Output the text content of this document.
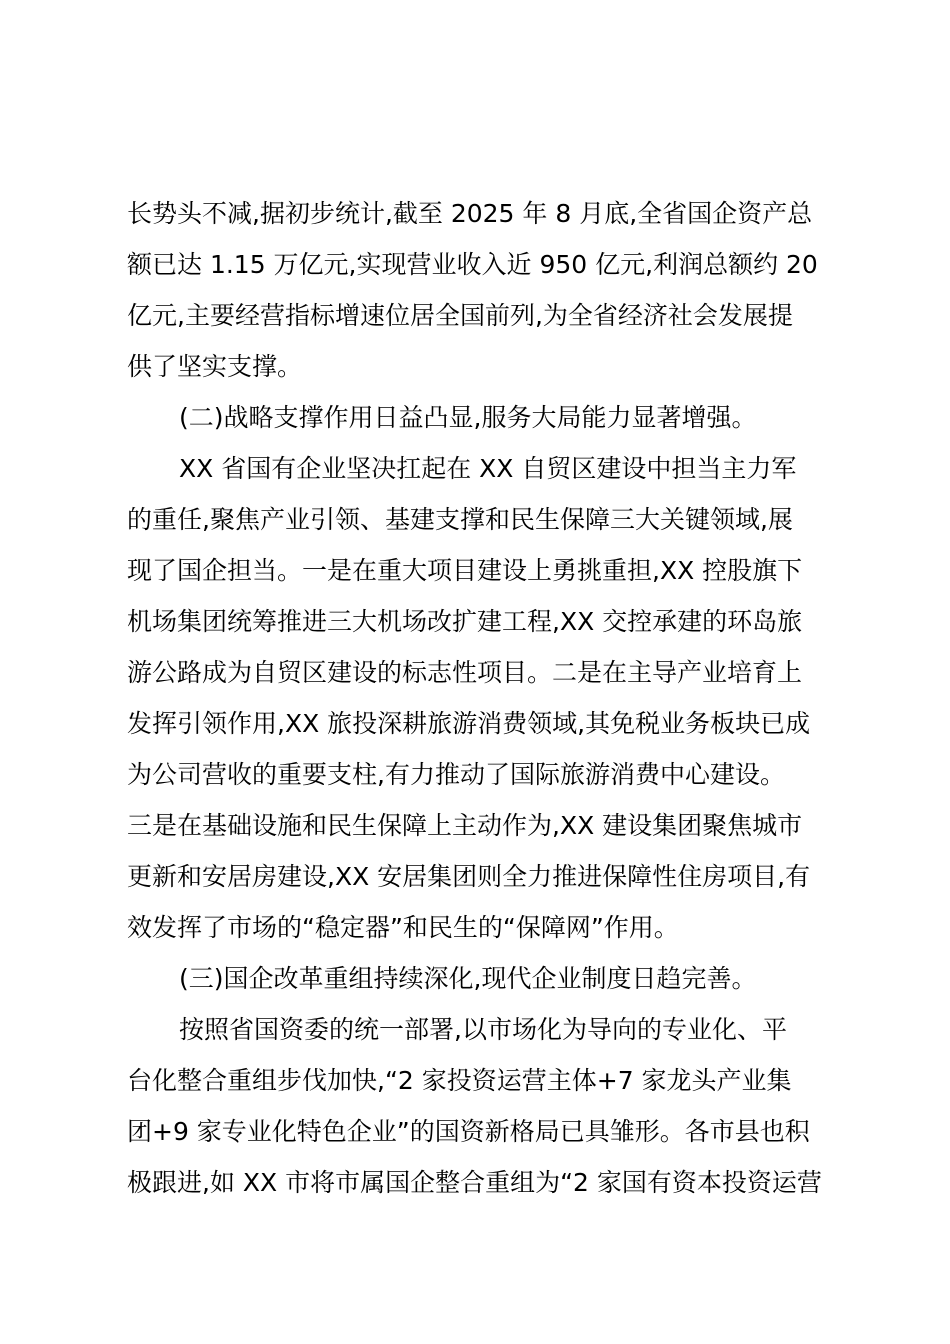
长势头不减,据初步统计,截至 2025 年 8 月底,全省国企资产总
额已达 1.15 万亿元,实现营业收入近 950 亿元,利润总额约 20
亿元,主要经营指标增速位居全国前列,为全省经济社会发展提
供了坚实支撑。
(二)战略支撑作用日益凸显,服务大局能力显著增强。
XX 省国有企业坚决扛起在 XX 自贸区建设中担当主力军
的重任,聚焦产业引领、基建支撑和民生保障三大关键领域,展
现了国企担当。一是在重大项目建设上勇挑重担,XX 控股旗下
机场集团统筹推进三大机场改扩建工程,XX 交控承建的环岛旅
游公路成为自贸区建设的标志性项目。二是在主导产业培育上
发挥引领作用,XX 旅投深耕旅游消费领域,其免税业务板块已成
为公司营收的重要支柱,有力推动了国际旅游消费中心建设。
三是在基础设施和民生保障上主动作为,XX 建设集团聚焦城市
更新和安居房建设,XX 安居集团则全力推进保障性住房项目,有
效发挥了市场的“稳定器”和民生的“保障网”作用。
(三)国企改革重组持续深化,现代企业制度日趋完善。
按照省国资委的统一部署,以市场化为导向的专业化、平
台化整合重组步伐加快,“2 家投资运营主体+7 家龙头产业集
团+9 家专业化特色企业”的国资新格局已具雏形。各市县也积
极跟进,如 XX 市将市属国企整合重组为“2 家国有资本投资运营
